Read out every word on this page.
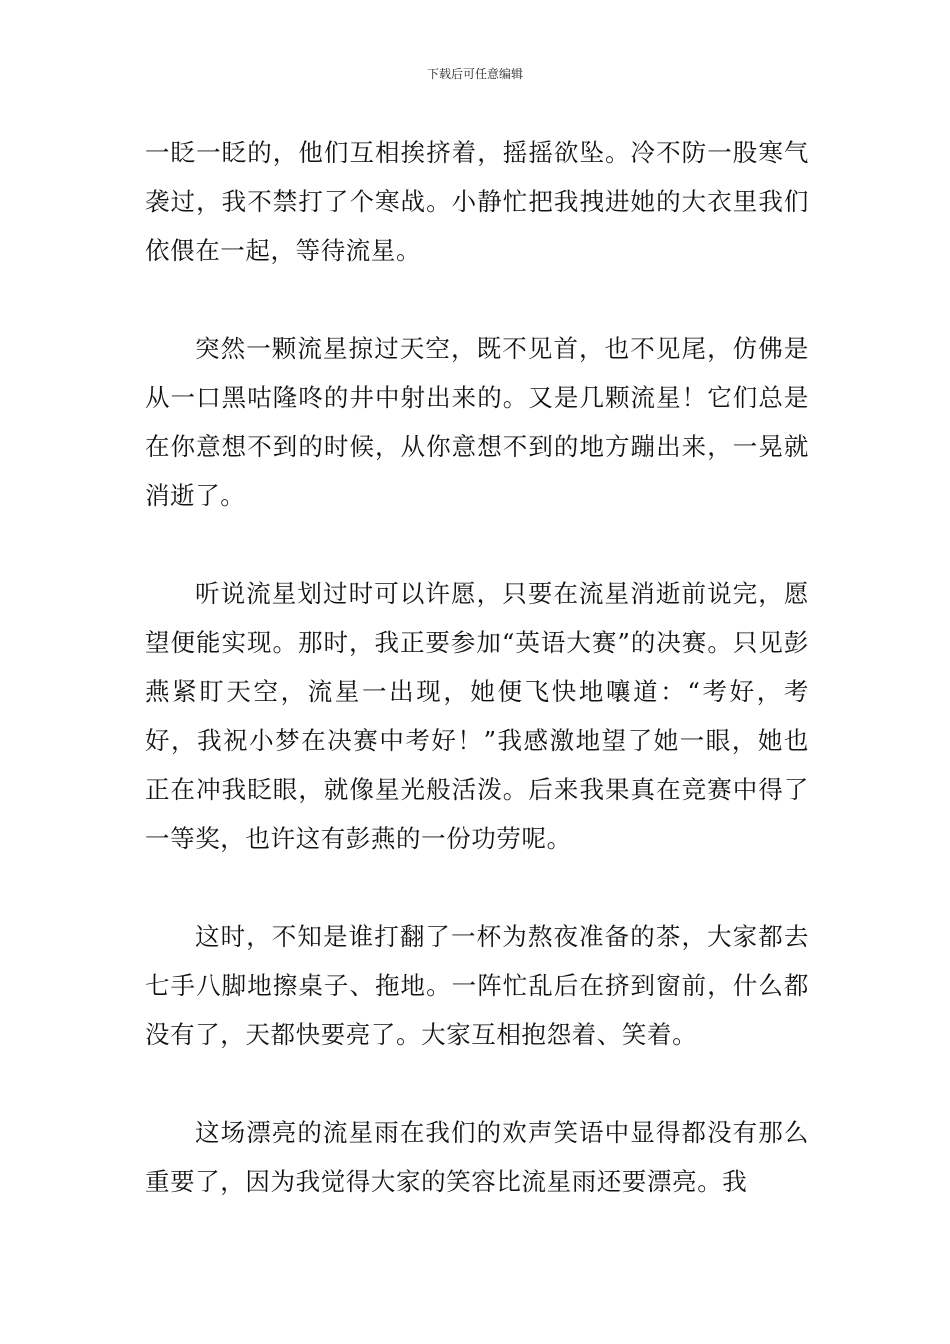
下载后可任意编辑

一眨一眨的，他们互相挨挤着，摇摇欲坠。冷不防一股寒气袭过，我不禁打了个寒战。小静忙把我拽进她的大衣里我们依偎在一起，等待流星。

突然一颗流星掠过天空，既不见首，也不见尾，仿佛是从一口黑咕隆咚的井中射出来的。又是几颗流星！它们总是在你意想不到的时候，从你意想不到的地方蹦出来，一晃就消逝了。

听说流星划过时可以许愿，只要在流星消逝前说完，愿望便能实现。那时，我正要参加“英语大赛”的决赛。只见彭燕紧盯天空，流星一出现，她便飞快地嚷道：“考好，考好，我祝小梦在决赛中考好！”我感激地望了她一眼，她也正在冲我眨眼，就像星光般活泼。后来我果真在竞赛中得了一等奖，也许这有彭燕的一份功劳呢。

这时，不知是谁打翻了一杯为熬夜准备的茶，大家都去七手八脚地擦桌子、拖地。一阵忙乱后在挤到窗前，什么都没有了，天都快要亮了。大家互相抱怨着、笑着。

这场漂亮的流星雨在我们的欢声笑语中显得都没有那么重要了，因为我觉得大家的笑容比流星雨还要漂亮。我
